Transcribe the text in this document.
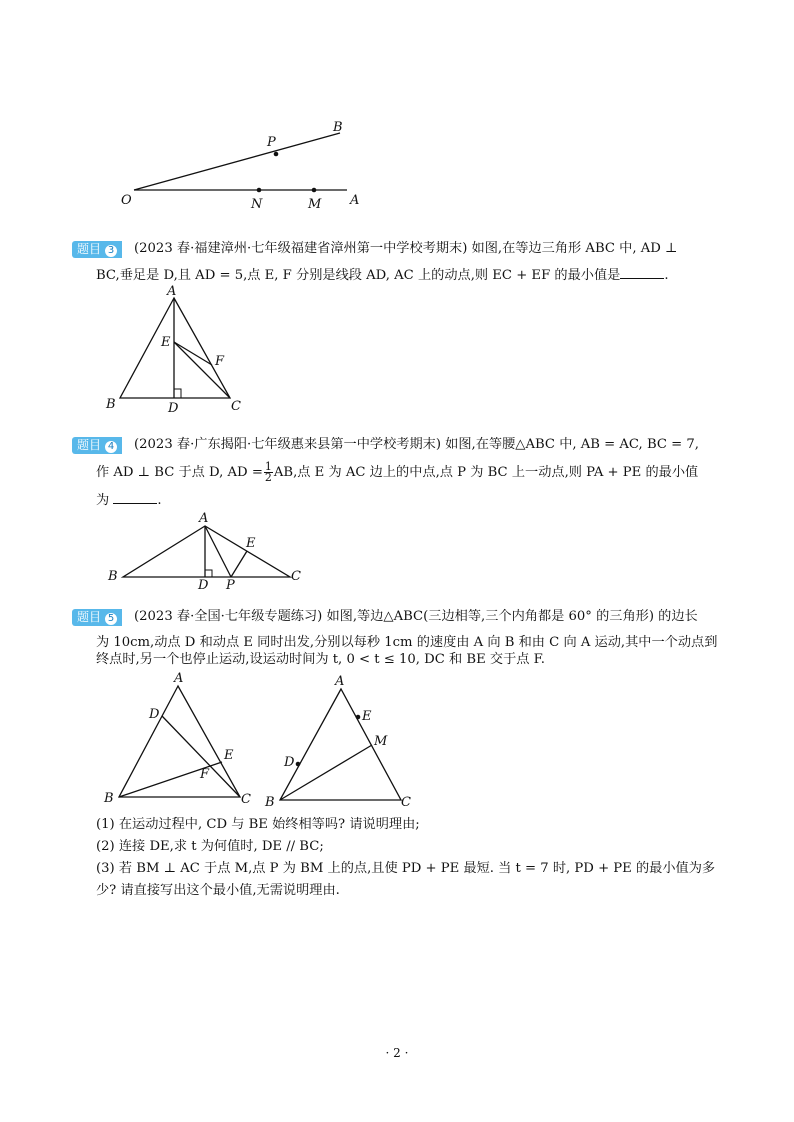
O
P
B
N	M A
题目 3	(2023 春·福建漳州·七年级福建省漳州第一中学校考期末) 如图,在等边三角形 ABC 中, AD ⊥
BC,垂足是 D,且 AD = 5,点 E, F 分别是线段 AD, AC 上的动点,则 EC + EF 的最小值是	.
A
E
F
B	D	C
题目 4	(2023 春·广东揭阳·七年级惠来县第一中学校考期末) 如图,在等腰△ABC 中, AB = AC, BC = 7,
作 AD ⊥ BC 于点 D, AD = $\frac{1}{2}$ AB,点 E 为 AC 边上的中点,点 P 为 BC 上一动点,则 PA + PE 的最小值
为	.
A
E
B
D P
C
题目 5	(2023 春·全国·七年级专题练习) 如图,等边△ABC(三边相等,三个内角都是 60° 的三角形) 的边长
为 10cm,动点 D 和动点 E 同时出发,分别以每秒 1cm 的速度由 A 向 B 和由 C 向 A 运动,其中一个动点到
终点时,另一个也停止运动,设运动时间为 t, 0 < t ≤ 10, DC 和 BE 交于点 F.
A
D
E
F
B	C
A
E
M
D
B	C
(1) 在运动过程中, CD 与 BE 始终相等吗? 请说明理由;
(2) 连接 DE,求 t 为何值时, DE // BC;
(3) 若 BM ⊥ AC 于点 M,点 P 为 BM 上的点,且使 PD + PE 最短. 当 t = 7 时, PD + PE 的最小值为多
少? 请直接写出这个最小值,无需说明理由.
· 2 ·
